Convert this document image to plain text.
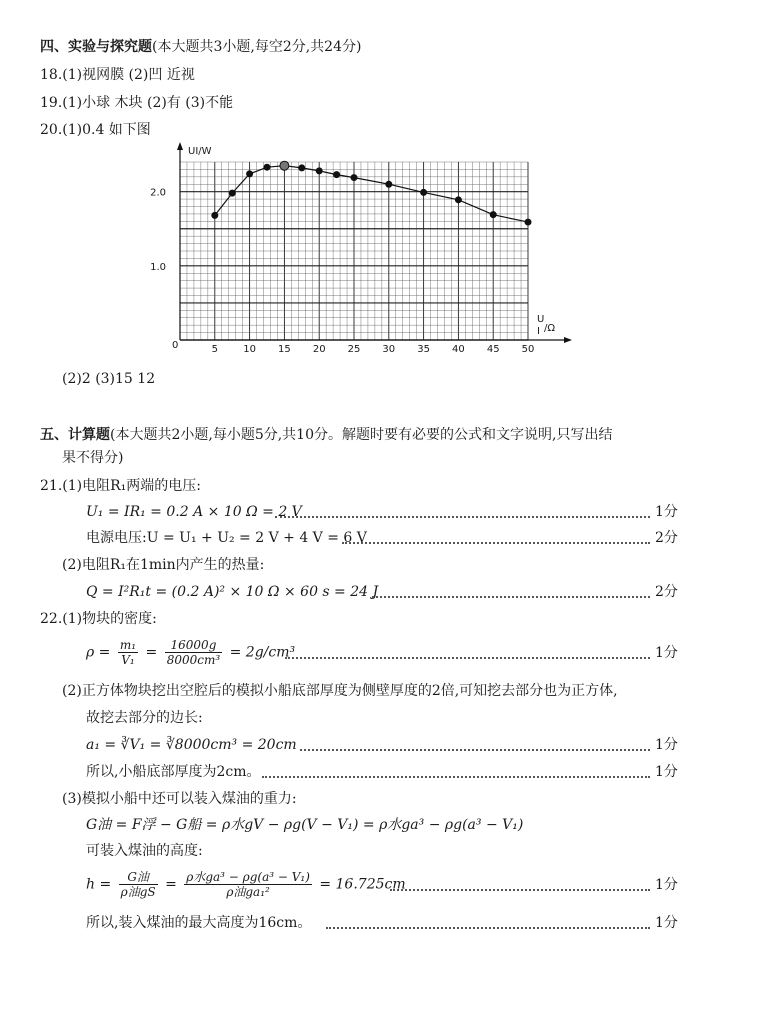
四、实验与探究题(本大题共3小题,每空2分,共24分)
18.(1)视网膜 (2)凹 近视
19.(1)小球 木块 (2)有 (3)不能
20.(1)0.4 如下图
5	10 15 20 25 30 35 40 45 50
1.0
2.0
UI/W
U
I /Ω
0
(2)2 (3)15 12
五、计算题(本大题共2小题,每小题5分,共10分。解题时要有必要的公式和文字说明,只写出结
果不得分)
21.(1)电阻R₁两端的电压:
U₁ = IR₁ = 0.2 A × 10 Ω = 2 V	1分
电源电压:U = U₁ + U₂ = 2 V + 4 V = 6 V	2分
(2)电阻R₁在1min内产生的热量:
Q = I²R₁t = (0.2 A)² × 10 Ω × 60 s = 24 J	2分
22.(1)物块的密度:
$\rho = \frac{\text{m₁}}{\text{V₁}} = \frac{16000g}{\text{8000cm³}} = 2g/cm^3$	1分
(2)正方体物块挖出空腔后的模拟小船底部厚度为侧壁厚度的2倍,可知挖去部分也为正方体,
故挖去部分的边长:
a₁ = ∛V₁ = ∛8000cm³ = 20cm	1分
所以,小船底部厚度为2cm。	1分
(3)模拟小船中还可以装入煤油的重力:
G油 = F浮 − G船 = ρ水gV − ρg(V − V₁) = ρ水ga³ − ρg(a³ − V₁)
可装入煤油的高度:
$h = \frac{\text{G油}}{\text{ρ油gS}} = \frac{\text{ρ水ga³ − ρg(a³ − V₁)}}{\text{ρ油ga₁²}} = 16.725cm$	1分
所以,装入煤油的最大高度为16cm。	1分
